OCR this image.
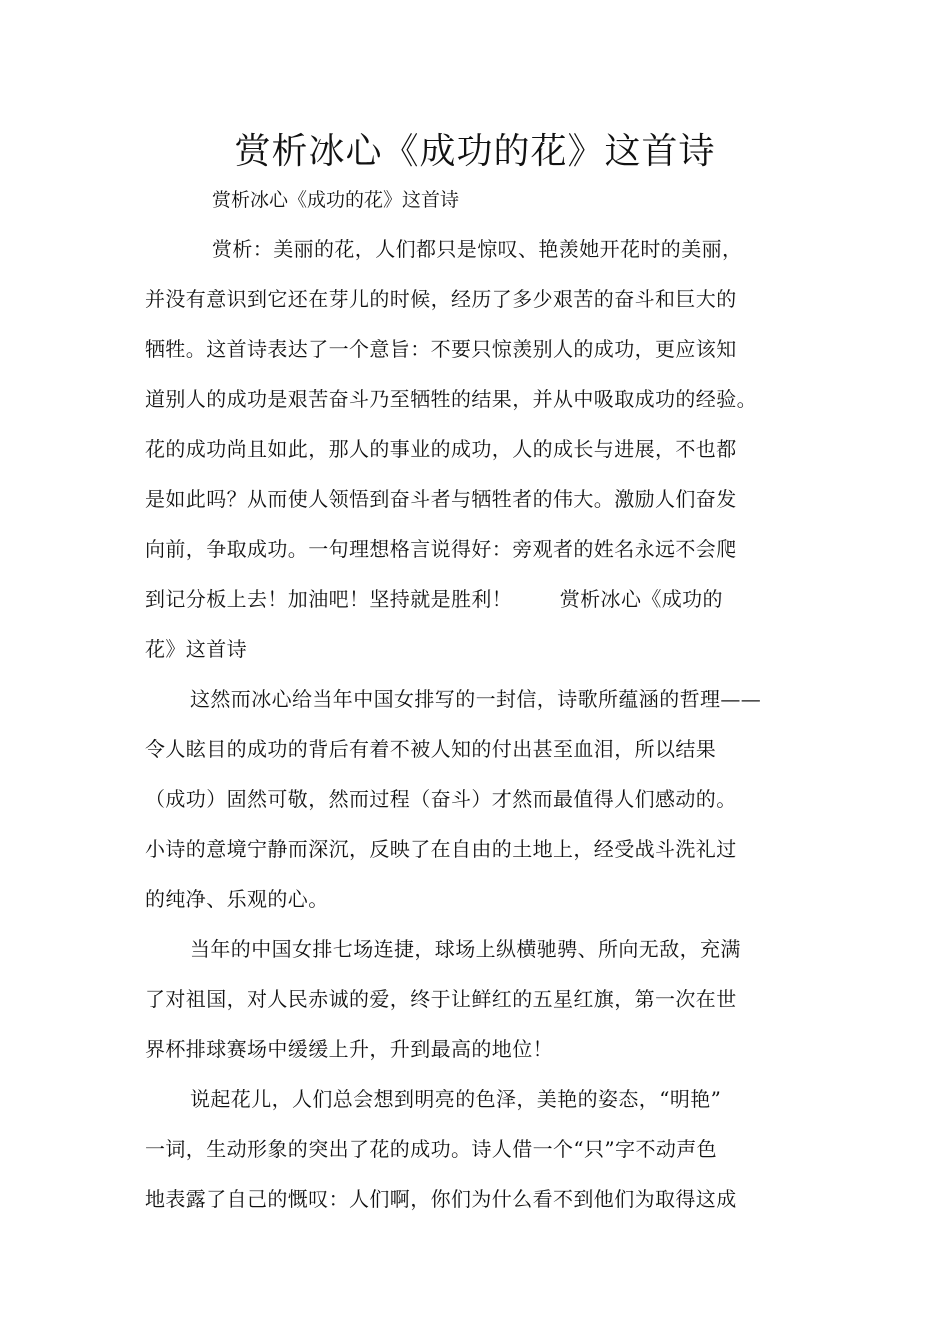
赏析冰心《成功的花》这首诗

赏析冰心《成功的花》这首诗

赏析：美丽的花，人们都只是惊叹、艳羡她开花时的美丽，

并没有意识到它还在芽儿的时候，经历了多少艰苦的奋斗和巨大的

牺牲。这首诗表达了一个意旨：不要只惊羡别人的成功，更应该知

道别人的成功是艰苦奋斗乃至牺牲的结果，并从中吸取成功的经验。

花的成功尚且如此，那人的事业的成功，人的成长与进展，不也都

是如此吗？从而使人领悟到奋斗者与牺牲者的伟大。激励人们奋发

向前，争取成功。一句理想格言说得好：旁观者的姓名永远不会爬

到记分板上去！加油吧！坚持就是胜利！　　 赏析冰心《成功的

花》这首诗

这然而冰心给当年中国女排写的一封信，诗歌所蕴涵的哲理——

令人眩目的成功的背后有着不被人知的付出甚至血泪，所以结果

（成功）固然可敬，然而过程（奋斗）才然而最值得人们感动的。

小诗的意境宁静而深沉，反映了在自由的土地上，经受战斗洗礼过

的纯净、乐观的心。

当年的中国女排七场连捷，球场上纵横驰骋、所向无敌，充满

了对祖国，对人民赤诚的爱，终于让鲜红的五星红旗，第一次在世

界杯排球赛场中缓缓上升，升到最高的地位！

说起花儿，人们总会想到明亮的色泽，美艳的姿态，“明艳”

一词，生动形象的突出了花的成功。诗人借一个“只”字不动声色

地表露了自己的慨叹：人们啊，你们为什么看不到他们为取得这成
